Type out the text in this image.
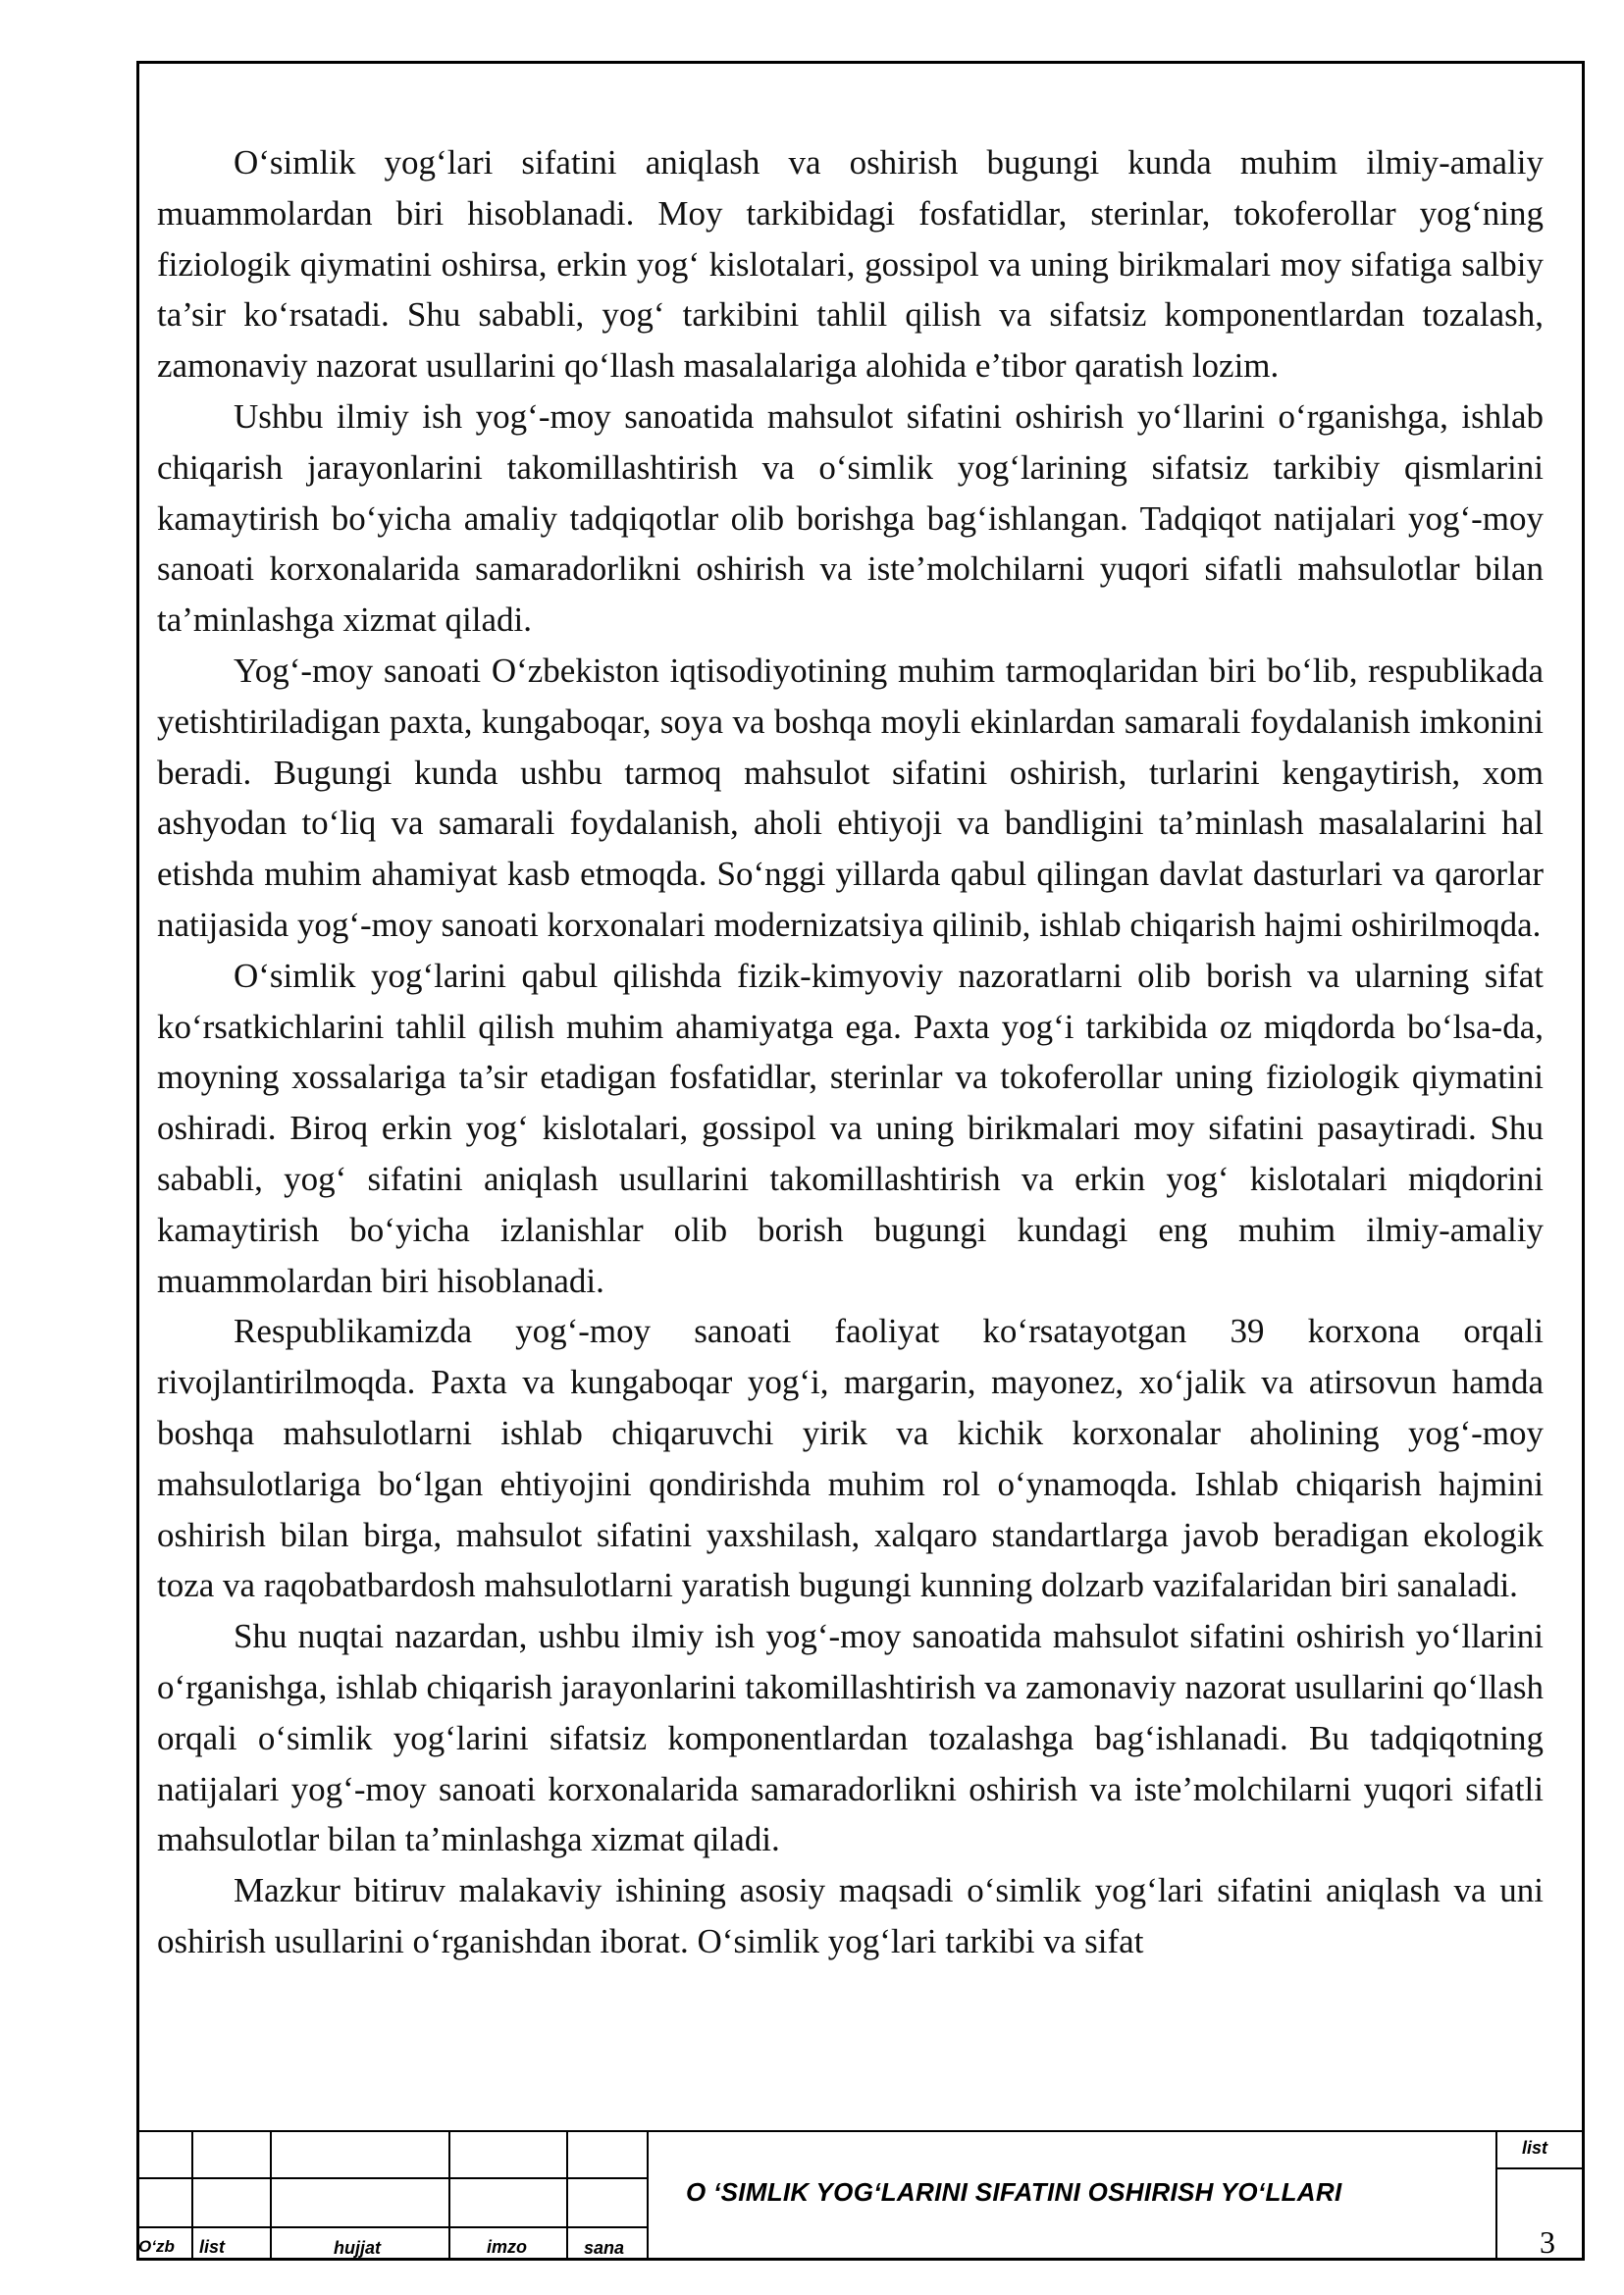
O‘simlik yog‘lari sifatini aniqlash va oshirish bugungi kunda muhim ilmiy-amaliy muammolardan biri hisoblanadi. Moy tarkibidagi fosfatidlar, sterinlar, tokoferollar yog‘ning fiziologik qiymatini oshirsa, erkin yog‘ kislotalari, gossipol va uning birikmalari moy sifatiga salbiy ta’sir ko‘rsatadi. Shu sababli, yog‘ tarkibini tahlil qilish va sifatsiz komponentlardan tozalash, zamonaviy nazorat usullarini qo‘llash masalalariga alohida e’tibor qaratish lozim.

Ushbu ilmiy ish yog‘-moy sanoatida mahsulot sifatini oshirish yo‘llarini o‘rganishga, ishlab chiqarish jarayonlarini takomillashtirish va o‘simlik yog‘larining sifatsiz tarkibiy qismlarini kamaytirish bo‘yicha amaliy tadqiqotlar olib borishga bag‘ishlangan. Tadqiqot natijalari yog‘-moy sanoati korxonalarida samaradorlikni oshirish va iste’molchilarni yuqori sifatli mahsulotlar bilan ta’minlashga xizmat qiladi.

Yog‘-moy sanoati O‘zbekiston iqtisodiyotining muhim tarmoqlaridan biri bo‘lib, respublikada yetishtiriladigan paxta, kungaboqar, soya va boshqa moyli ekinlardan samarali foydalanish imkonini beradi. Bugungi kunda ushbu tarmoq mahsulot sifatini oshirish, turlarini kengaytirish, xom ashyodan to‘liq va samarali foydalanish, aholi ehtiyoji va bandligini ta’minlash masalalarini hal etishda muhim ahamiyat kasb etmoqda. So‘nggi yillarda qabul qilingan davlat dasturlari va qarorlar natijasida yog‘-moy sanoati korxonalari modernizatsiya qilinib, ishlab chiqarish hajmi oshirilmoqda.

O‘simlik yog‘larini qabul qilishda fizik-kimyoviy nazoratlarni olib borish va ularning sifat ko‘rsatkichlarini tahlil qilish muhim ahamiyatga ega. Paxta yog‘i tarkibida oz miqdorda bo‘lsa-da, moyning xossalariga ta’sir etadigan fosfatidlar, sterinlar va tokoferollar uning fiziologik qiymatini oshiradi. Biroq erkin yog‘ kislotalari, gossipol va uning birikmalari moy sifatini pasaytiradi. Shu sababli, yog‘ sifatini aniqlash usullarini takomillashtirish va erkin yog‘ kislotalari miqdorini kamaytirish bo‘yicha izlanishlar olib borish bugungi kundagi eng muhim ilmiy-amaliy muammolardan biri hisoblanadi.

Respublikamizda yog‘-moy sanoati faoliyat ko‘rsatayotgan 39 korxona orqali rivojlantirilmoqda. Paxta va kungaboqar yog‘i, margarin, mayonez, xo‘jalik va atirsovun hamda boshqa mahsulotlarni ishlab chiqaruvchi yirik va kichik korxonalar aholining yog‘-moy mahsulotlariga bo‘lgan ehtiyojini qondirishda muhim rol o‘ynamoqda. Ishlab chiqarish hajmini oshirish bilan birga, mahsulot sifatini yaxshilash, xalqaro standartlarga javob beradigan ekologik toza va raqobatbardosh mahsulotlarni yaratish bugungi kunning dolzarb vazifalaridan biri sanaladi.

Shu nuqtai nazardan, ushbu ilmiy ish yog‘-moy sanoatida mahsulot sifatini oshirish yo‘llarini o‘rganishga, ishlab chiqarish jarayonlarini takomillashtirish va zamonaviy nazorat usullarini qo‘llash orqali o‘simlik yog‘larini sifatsiz komponentlardan tozalashga bag‘ishlanadi. Bu tadqiqotning natijalari yog‘-moy sanoati korxonalarida samaradorlikni oshirish va iste’molchilarni yuqori sifatli mahsulotlar bilan ta’minlashga xizmat qiladi.

Mazkur bitiruv malakaviy ishining asosiy maqsadi o‘simlik yog‘lari sifatini aniqlash va uni oshirish usullarini o‘rganishdan iborat. O‘simlik yog‘lari tarkibi va sifat

O‘zb list	hujjat	imzo	sana
O ‘SIMLIK YOG‘LARINI SIFATINI OSHIRISH YO‘LLARI
list
3
